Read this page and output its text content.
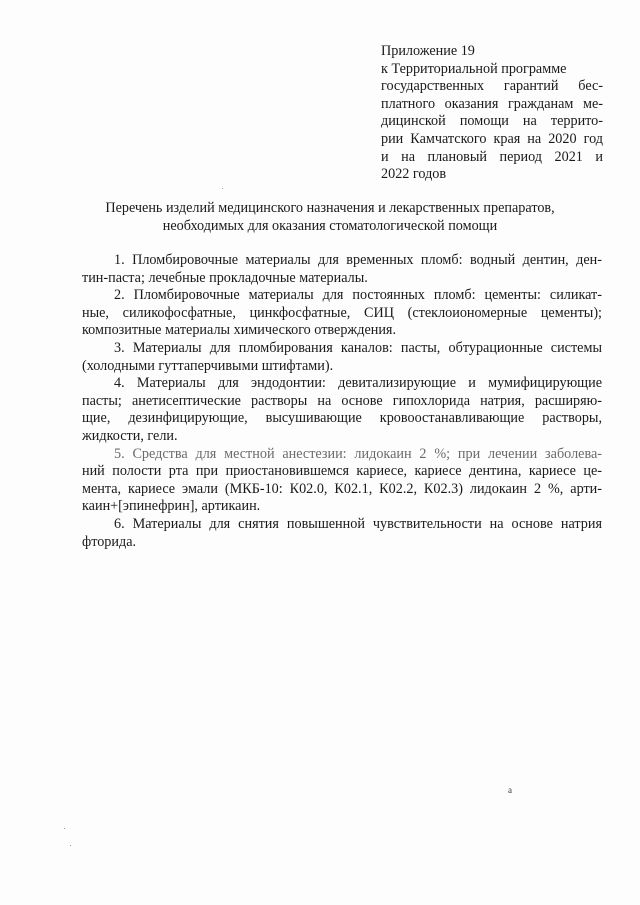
Приложение 19
к Территориальной программе
государственных гарантий бес-
платного оказания гражданам ме-
дицинской помощи на террито-
рии Камчатского края на 2020 год
и на плановый период 2021 и
2022 годов
Перечень изделий медицинского назначения и лекарственных препаратов,
необходимых для оказания стоматологической помощи
1. Пломбировочные материалы для временных пломб: водный дентин, ден-
тин-паста; лечебные прокладочные материалы.
2. Пломбировочные материалы для постоянных пломб: цементы: силикат-
ные, силикофосфатные, цинкфосфатные, СИЦ (стеклоиономерные цементы);
композитные материалы химического отверждения.
3. Материалы для пломбирования каналов: пасты, обтурационные системы
(холодными гуттаперчивыми штифтами).
4. Материалы для эндодонтии: девитализирующие и мумифицирующие
пасты; анетисептические растворы на основе гипохлорида натрия, расширяю-
щие, дезинфицирующие, высушивающие кровоостанавливающие растворы,
жидкости, гели.
5. Средства для местной анестезии: лидокаин 2 %; при лечении заболева-
ний полости рта при приостановившемся кариесе, кариесе дентина, кариесе це-
мента, кариесе эмали (МКБ-10: К02.0, К02.1, К02.2, К02.3) лидокаин 2 %, арти-
каин+[эпинефрин], артикаин.
6. Материалы для снятия повышенной чувствительности на основе натрия
фторида.
а
